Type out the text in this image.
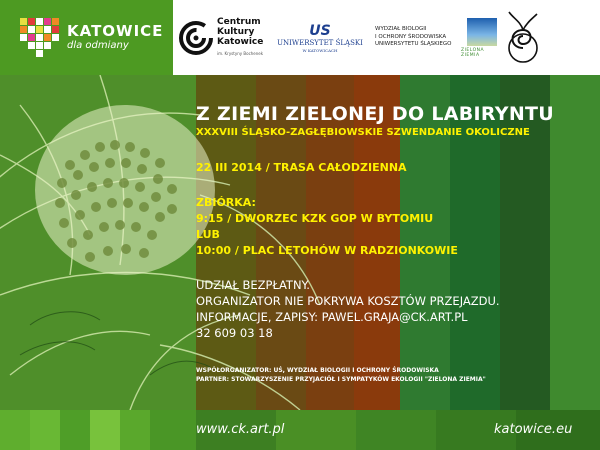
KATOWICE
dla odmiany
Centrum
Kultury
Katowice
im. Krystyny Bochenek
US
UNIWERSYTET ŚLĄSKI
W KATOWICACH
WYDZIAŁ BIOLOGII
I OCHRONY ŚRODOWISKA
UNIWERSYTETU ŚLĄSKIEGO
ZIELONA ZIEMIA
Z ZIEMI ZIELONEJ DO LABIRYNTU
XXXVIII ŚLĄSKO-ZAGŁĘBIOWSKIE SZWENDANIE OKOLICZNE
22 III 2014 / TRASA CAŁODZIENNA
ZBIÓRKA:
9:15 / DWORZEC KZK GOP W BYTOMIU
LUB
10:00 / PLAC LETOHÓW W RADZIONKOWIE
UDZIAŁ BEZPŁATNY.
ORGANIZATOR NIE POKRYWA KOSZTÓW PRZEJAZDU.
INFORMACJE, ZAPISY: PAWEL.GRAJA@CK.ART.PL
32 609 03 18
WSPÓŁORGANIZATOR: UŚ, WYDZIAŁ BIOLOGII I OCHRONY ŚRODOWISKA
PARTNER: STOWARZYSZENIE PRZYJACIÓŁ I SYMPATYKÓW EKOLOGII "ZIELONA ZIEMIA"
www.ck.art.pl	katowice.eu
